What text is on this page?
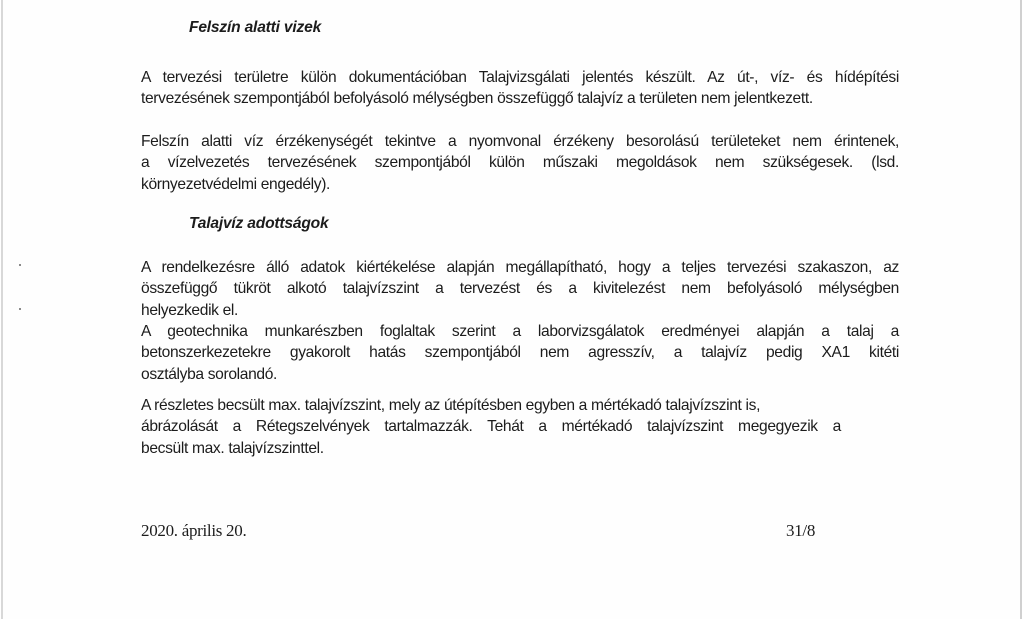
Felszín alatti vizek
A tervezési területre külön dokumentációban Talajvizsgálati jelentés készült. Az út-, víz- és hídépítési
tervezésének szempontjából befolyásoló mélységben összefüggő talajvíz a területen nem jelentkezett.
Felszín alatti víz érzékenységét tekintve a nyomvonal érzékeny besorolású területeket nem érintenek,
a vízelvezetés tervezésének szempontjából külön műszaki megoldások nem szükségesek. (lsd.
környezetvédelmi engedély).
Talajvíz adottságok
A rendelkezésre álló adatok kiértékelése alapján megállapítható, hogy a teljes tervezési szakaszon, az
összefüggő tükröt alkotó talajvízszint a tervezést és a kivitelezést nem befolyásoló mélységben
helyezkedik el.
A geotechnika munkarészben foglaltak szerint a laborvizsgálatok eredményei alapján a talaj a
betonszerkezetekre gyakorolt hatás szempontjából nem agresszív, a talajvíz pedig XA1 kitéti
osztályba sorolandó.
A részletes becsült max. talajvízszint, mely az útépítésben egyben a mértékadó talajvízszint is,
ábrázolását a Rétegszelvények tartalmazzák. Tehát a mértékadó talajvízszint megegyezik a
becsült max. talajvízszinttel.
2020. április 20.	31/8
